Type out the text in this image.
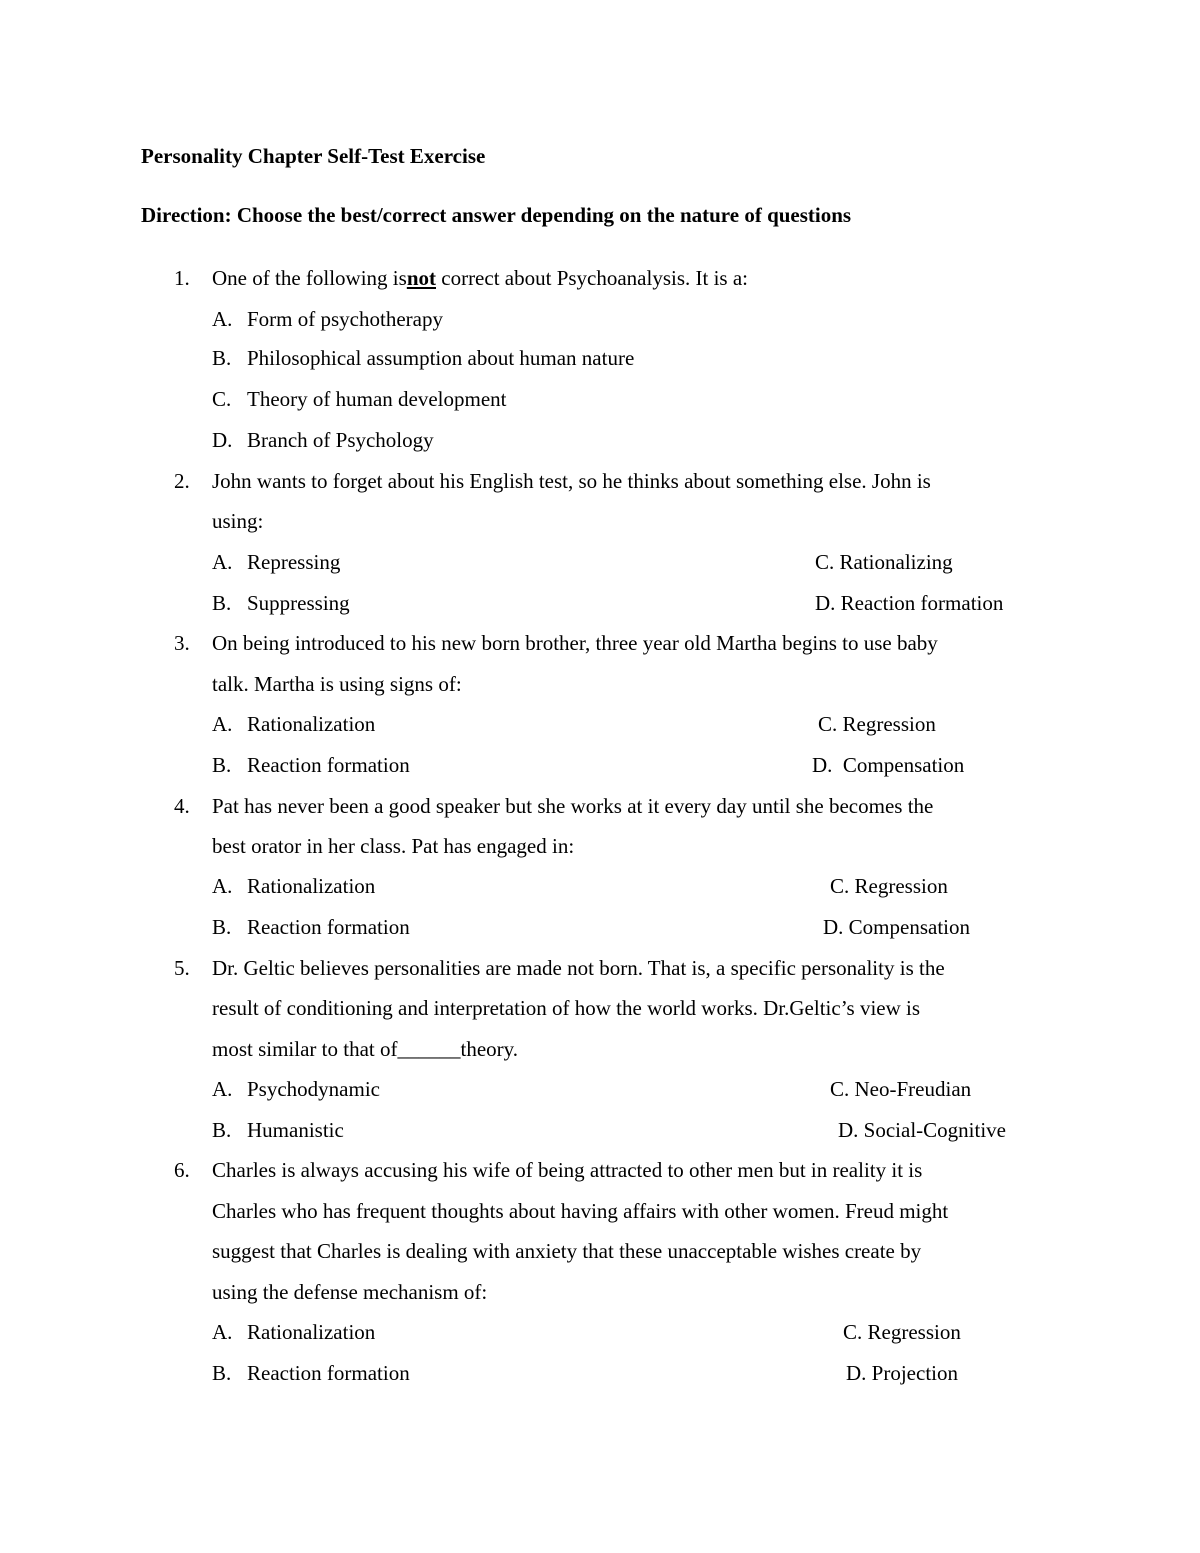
Personality Chapter Self-Test Exercise
Direction: Choose the best/correct answer depending on the nature of questions
1. One of the following isnot correct about Psychoanalysis. It is a:
A. Form of psychotherapy
B. Philosophical assumption about human nature
C. Theory of human development
D. Branch of Psychology
2. John wants to forget about his English test, so he thinks about something else. John is
using:
A. Repressing	C. Rationalizing
B. Suppressing	D. Reaction formation
3. On being introduced to his new born brother, three year old Martha begins to use baby
talk. Martha is using signs of:
A. Rationalization	C. Regression
B. Reaction formation	D.  Compensation
4. Pat has never been a good speaker but she works at it every day until she becomes the
best orator in her class. Pat has engaged in:
A. Rationalization	C. Regression
B. Reaction formation	D. Compensation
5. Dr. Geltic believes personalities are made not born. That is, a specific personality is the
result of conditioning and interpretation of how the world works. Dr.Geltic’s view is
most similar to that of______theory.
A. Psychodynamic	C. Neo-Freudian
B. Humanistic	D. Social-Cognitive
6. Charles is always accusing his wife of being attracted to other men but in reality it is
Charles who has frequent thoughts about having affairs with other women. Freud might
suggest that Charles is dealing with anxiety that these unacceptable wishes create by
using the defense mechanism of:
A. Rationalization	C. Regression
B. Reaction formation	D. Projection
